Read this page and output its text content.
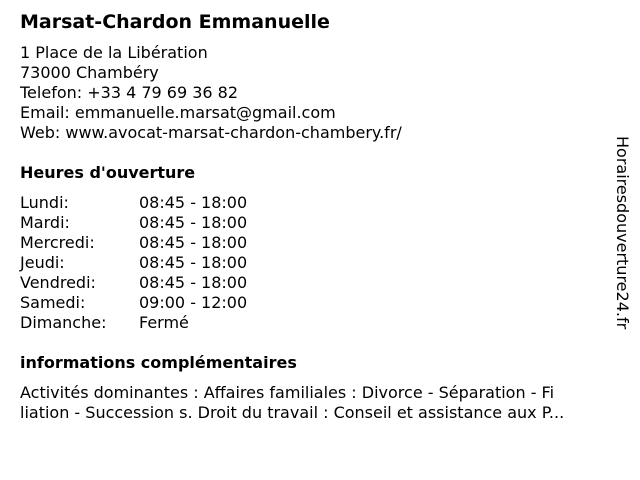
Marsat-Chardon Emmanuelle
1 Place de la Libération
73000 Chambéry
Telefon: +33 4 79 69 36 82
Email: emmanuelle.marsat@gmail.com
Web: www.avocat-marsat-chardon-chambery.fr/
Heures d'ouverture
Lundi:	08:45 - 18:00
Mardi:	08:45 - 18:00
Mercredi:	08:45 - 18:00
Jeudi:	08:45 - 18:00
Vendredi:	08:45 - 18:00
Samedi:	09:00 - 12:00
Dimanche: Fermé
informations complémentaires
Activités dominantes : Affaires familiales : Divorce - Séparation - Fi
liation - Succession s. Droit du travail : Conseil et assistance aux P...
Horairesdouverture24.fr
